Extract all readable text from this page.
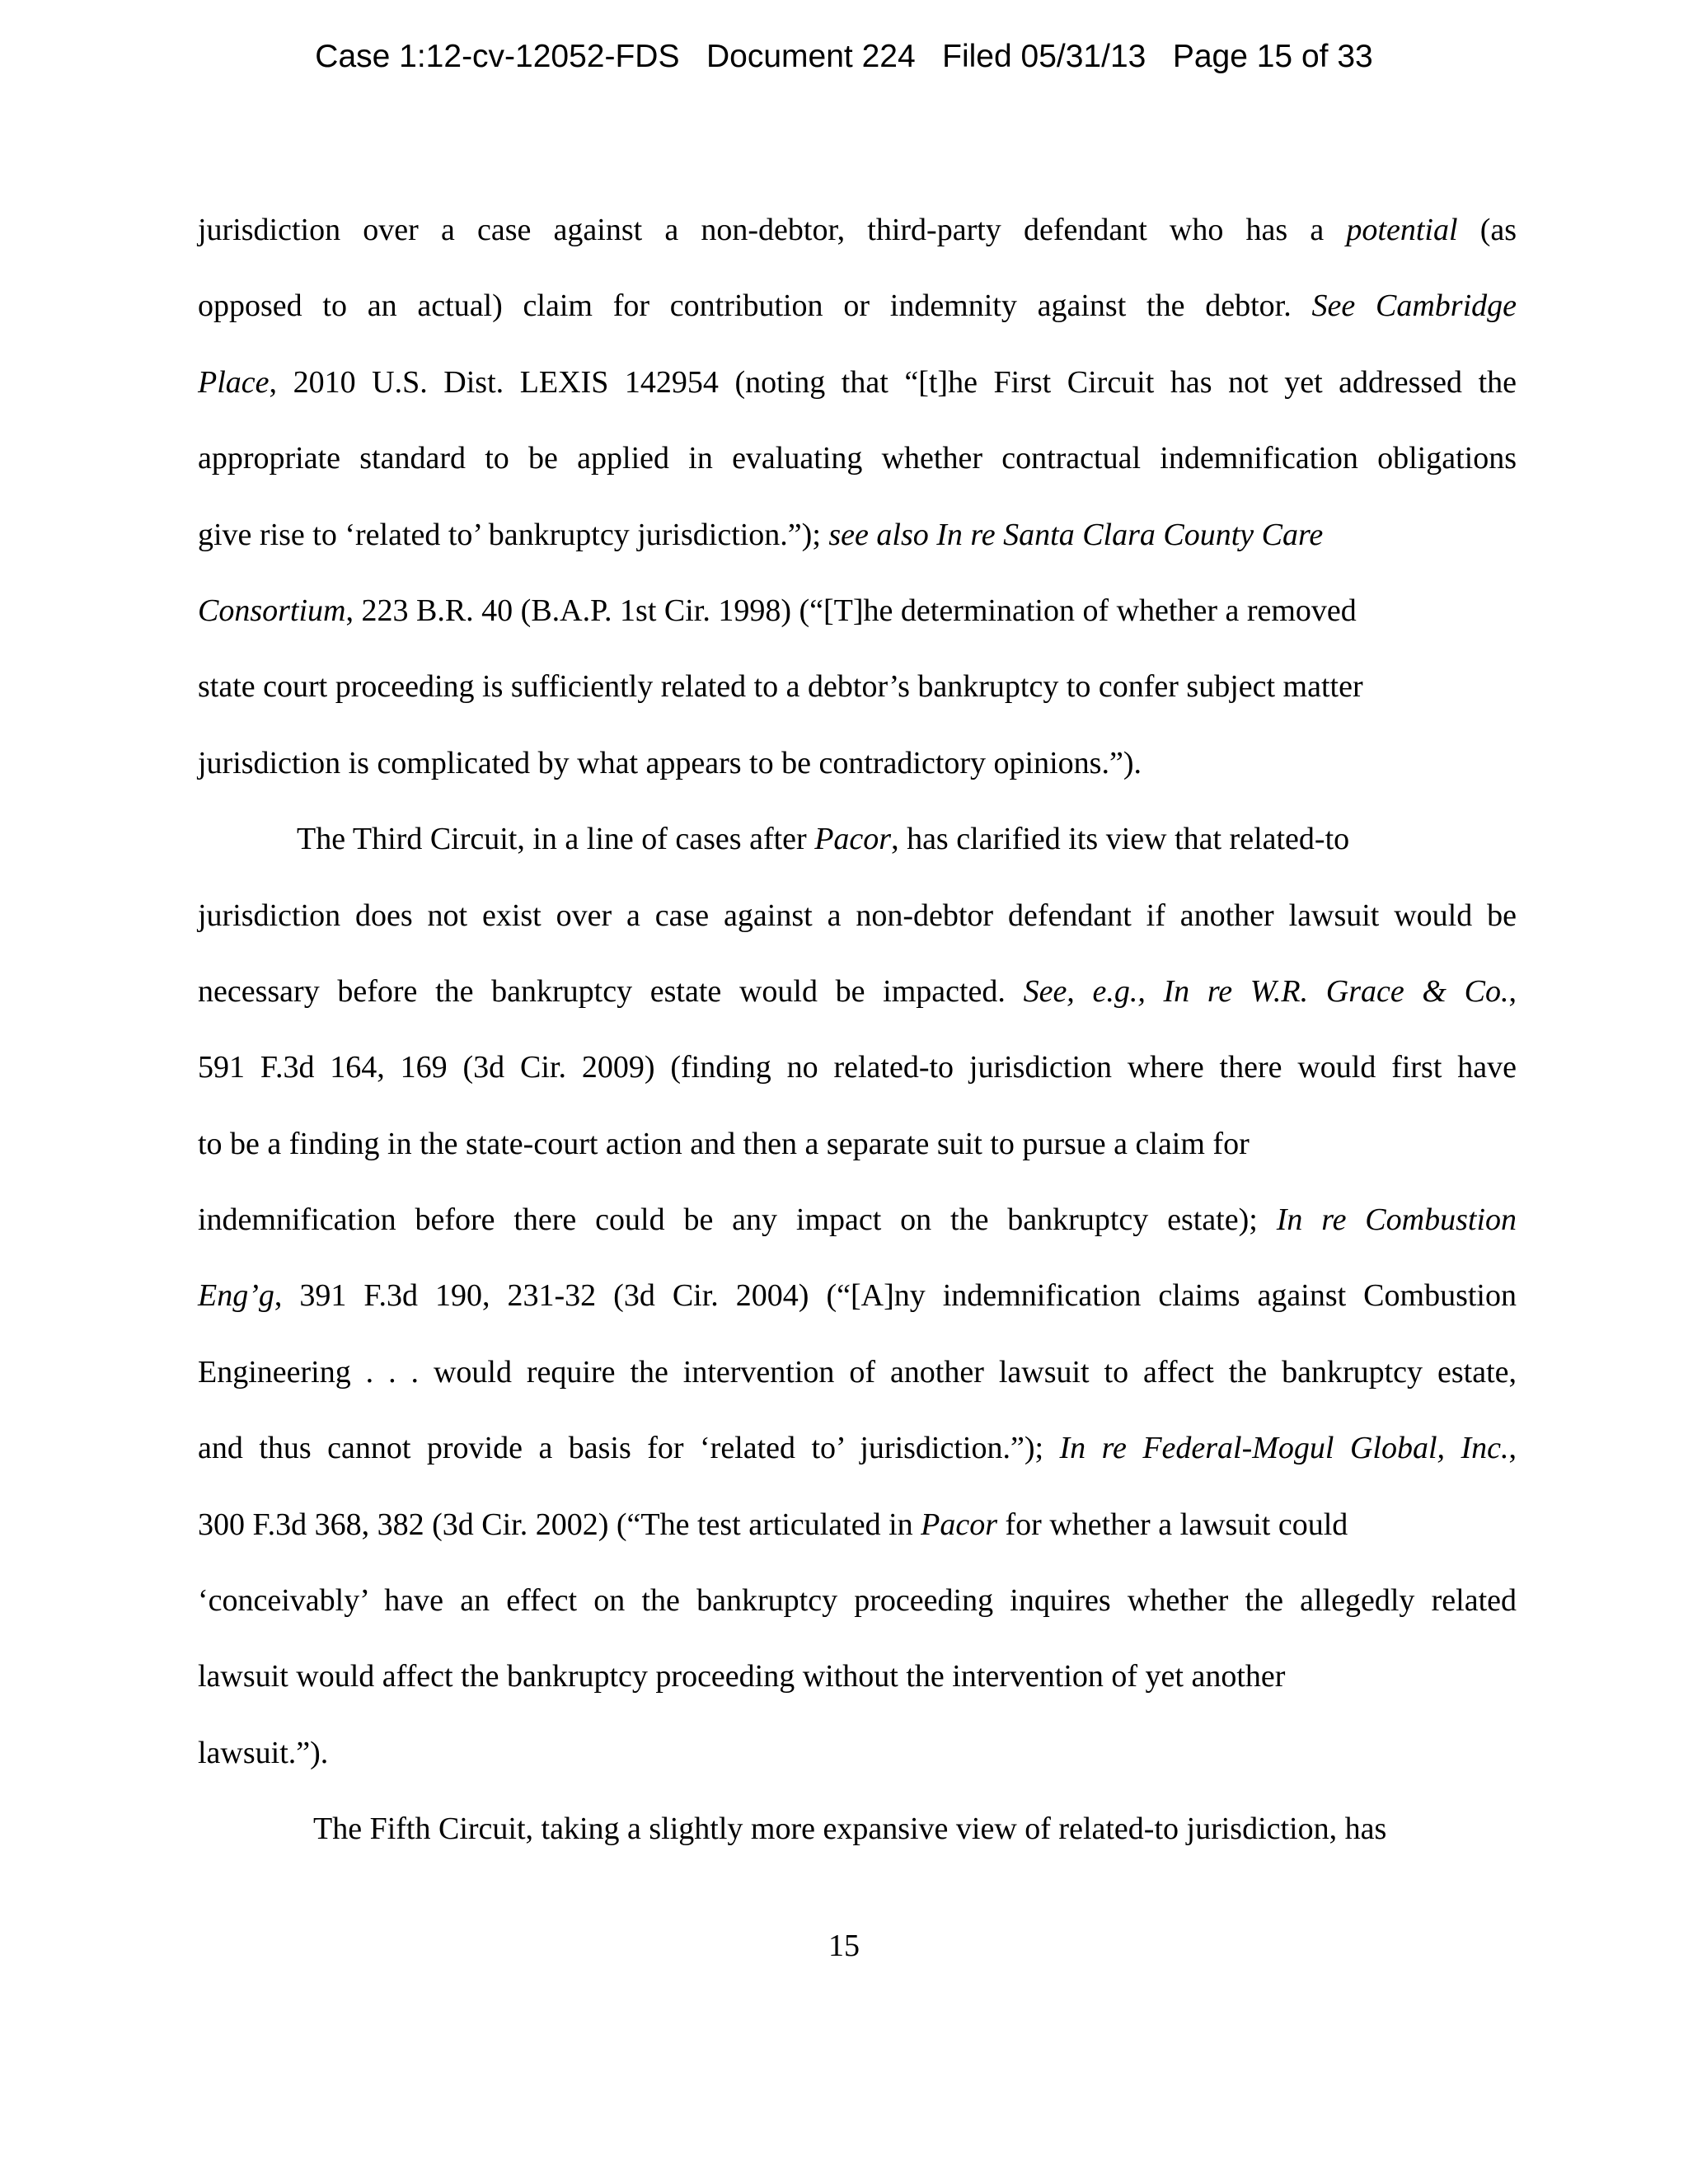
Case 1:12-cv-12052-FDS   Document 224   Filed 05/31/13   Page 15 of 33

jurisdiction over a case against a non-debtor, third-party defendant who has a potential (as
opposed to an actual) claim for contribution or indemnity against the debtor. See Cambridge
Place, 2010 U.S. Dist. LEXIS 142954 (noting that “[t]he First Circuit has not yet addressed the
appropriate standard to be applied in evaluating whether contractual indemnification obligations
give rise to ‘related to’ bankruptcy jurisdiction.”); see also In re Santa Clara County Care
Consortium, 223 B.R. 40 (B.A.P. 1st Cir. 1998) (“[T]he determination of whether a removed
state court proceeding is sufficiently related to a debtor’s bankruptcy to confer subject matter
jurisdiction is complicated by what appears to be contradictory opinions.”).

The Third Circuit, in a line of cases after Pacor, has clarified its view that related-to
jurisdiction does not exist over a case against a non-debtor defendant if another lawsuit would be
necessary before the bankruptcy estate would be impacted. See, e.g., In re W.R. Grace & Co.,
591 F.3d 164, 169 (3d Cir. 2009) (finding no related-to jurisdiction where there would first have
to be a finding in the state-court action and then a separate suit to pursue a claim for
indemnification before there could be any impact on the bankruptcy estate); In re Combustion
Eng’g, 391 F.3d 190, 231-32 (3d Cir. 2004) (“[A]ny indemnification claims against Combustion
Engineering . . . would require the intervention of another lawsuit to affect the bankruptcy estate,
and thus cannot provide a basis for ‘related to’ jurisdiction.”); In re Federal-Mogul Global, Inc.,
300 F.3d 368, 382 (3d Cir. 2002) (“The test articulated in Pacor for whether a lawsuit could
‘conceivably’ have an effect on the bankruptcy proceeding inquires whether the allegedly related
lawsuit would affect the bankruptcy proceeding without the intervention of yet another
lawsuit.”).

The Fifth Circuit, taking a slightly more expansive view of related-to jurisdiction, has

15
